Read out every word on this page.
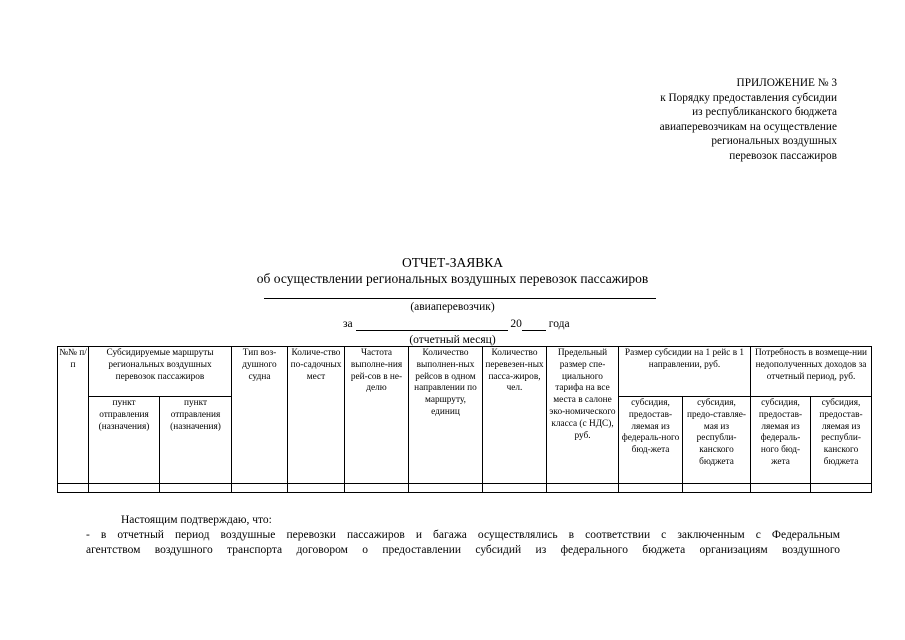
ПРИЛОЖЕНИЕ № 3
к Порядку предоставления субсидии
из республиканского бюджета
авиаперевозчикам на осуществление
региональных воздушных
перевозок пассажиров
ОТЧЕТ-ЗАЯВКА
об осуществлении региональных воздушных перевозок пассажиров
(авиаперевозчик)
за	20 года
(отчетный месяц)
№№ п/п	Субсидируемые маршруты региональных воздушных перевозок пассажиров		Тип воз-душного судна	Количе-ство по-садочных мест	Частота выполне-ния рей-сов в не-делю	Количество выполнен-ных рейсов в одном направлении по маршруту, единиц	Количество перевезен-ных пасса-жиров, чел.	Предельный размер спе-циального тарифа на все места в салоне эко-номического класса (с НДС), руб.	Размер субсидии на 1 рейс в 1 направлении, руб.		Потребность в возмеще-нии недополученных доходов за отчетный период, руб.	
	пункт отправления (назначения)	пункт отправления (назначения)							субсидия, предостав-ляемая из федераль-ного бюд-жета	субсидия, предо-ставляе-мая из республи-канского бюджета	субсидия, предостав-ляемая из федераль-ного бюд-жета	субсидия, предостав-ляемая из республи-канского бюджета

Настоящим подтверждаю, что:
- в отчетный период воздушные перевозки пассажиров и багажа осуществлялись в соответствии с заключенным с Федеральным
агентством воздушного транспорта договором о предоставлении субсидий из федерального бюджета организациям воздушного
